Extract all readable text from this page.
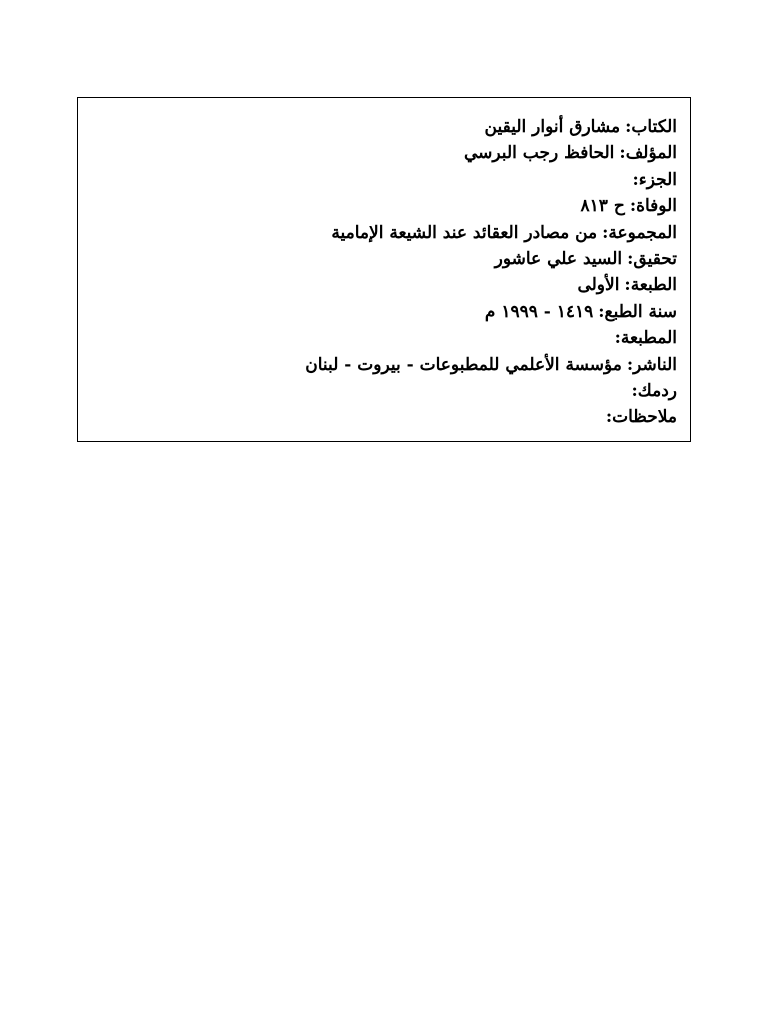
الكتاب:مشارق أنوار اليقين
المؤلف:الحافظ رجب البرسي
الجزء:
الوفاة:ح ٨١٣
المجموعة:من مصادر العقائد عند الشيعة الإمامية
تحقيق:السيد علي عاشور
الطبعة:الأولى
سنة الطبع:١٤١٩ - ١٩٩٩ م
المطبعة:
الناشر:مؤسسة الأعلمي للمطبوعات - بيروت - لبنان
ردمك:
ملاحظات:
